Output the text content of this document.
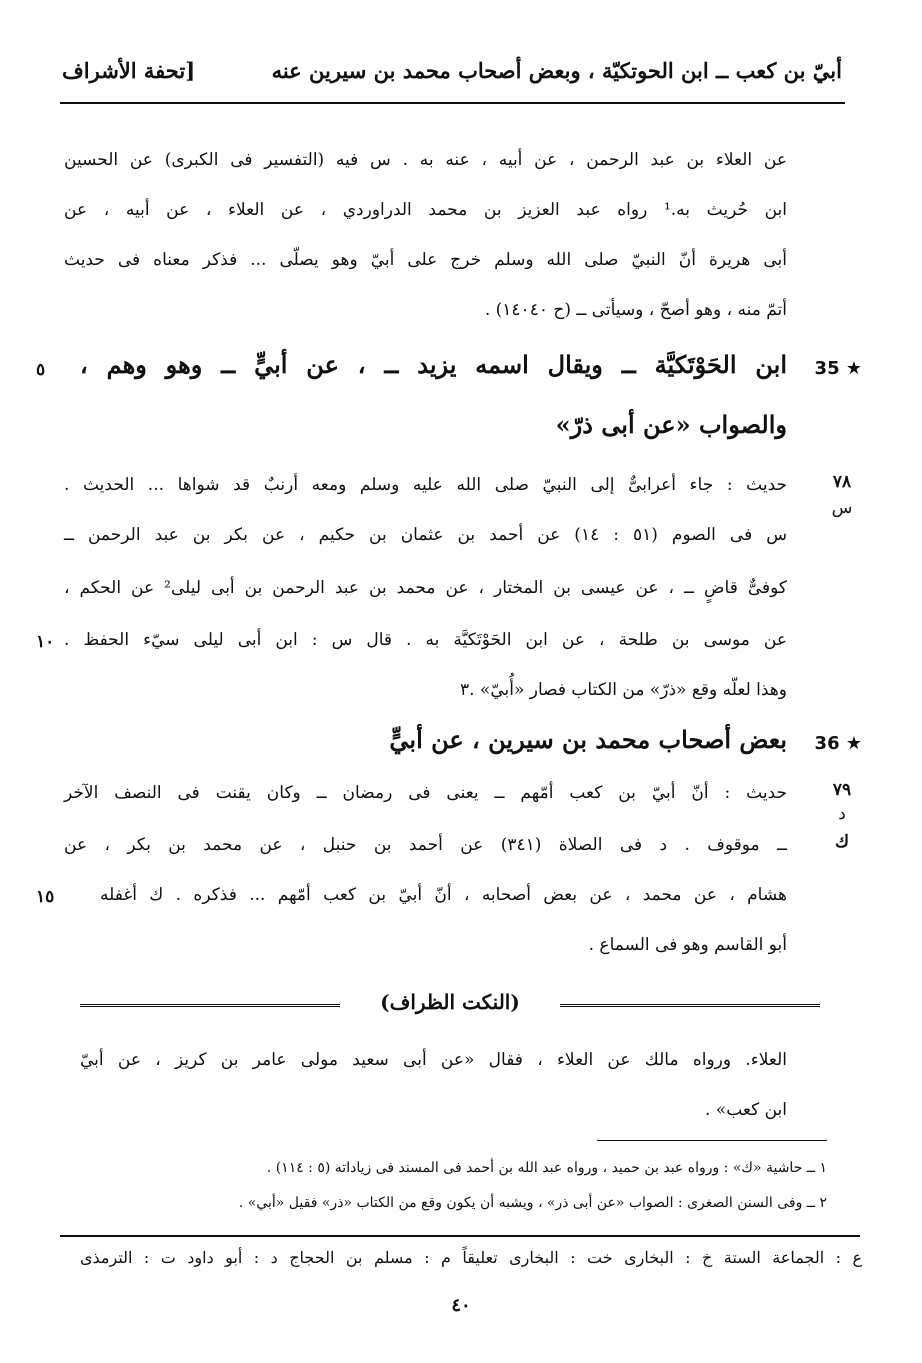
أبيّ بن كعب ــ ابن الحوتكيّة ، وبعض أصحاب محمد بن سيرين عنه
[تحفة الأشراف
عن العلاء بن عبد الرحمن ، عن أبيه ، عنه به . س فيه (التفسير فى الكبرى) عن الحسين
ابن حُريث به.¹ رواه عبد العزيز بن محمد الدراوردي ، عن العلاء ، عن أبيه ، عن
أبى هريرة أنّ النبيّ صلى الله وسلم خرج على أبيّ وهو يصلّى ... فذكر معناه فى حديث
أتمّ منه ، وهو أصحّ ، وسيأتى ــ (ح ١٤٠٤٠) .
35 ★
ابن الحَوْتَكيَّة ــ ويقال اسمه يزيد ــ ، عن أبيٍّ ــ وهو وهم ،
٥
والصواب «عن أبى ذرّ»
٧٨
س
حديث : جاء أعرابىٌّ إلى النبيّ صلى الله عليه وسلم ومعه أرنبٌ قد شواها ... الحديث .
س فى الصوم (٥١ : ١٤) عن أحمد بن عثمان بن حكيم ، عن بكر بن عبد الرحمن ــ
كوفىٌّ قاضٍ ــ ، عن عيسى بن المختار ، عن محمد بن عبد الرحمن بن أبى ليلى² عن الحكم ،
عن موسى بن طلحة ، عن ابن الحَوْتَكيَّة به . قال س : ابن أبى ليلى سيّء الحفظ .
١٠
وهذا لعلّه وقع «ذرّ» من الكتاب فصار «أُبيّ» .٣
36 ★
بعض أصحاب محمد بن سيرين ، عن أبيٍّ
٧٩
د
ك
حديث : أنّ أبيّ بن كعب أمّهم ــ يعنى فى رمضان ــ وكان يقنت فى النصف الآخر
ــ موقوف . د فى الصلاة (٣٤١) عن أحمد بن حنبل ، عن محمد بن بكر ، عن
هشام ، عن محمد ، عن بعض أصحابه ، أنّ أبيّ بن كعب أمّهم ... فذكره . ك أغفله
١٥
أبو القاسم وهو فى السماع .
(النكت الظراف)
العلاء. ورواه مالك عن العلاء ، فقال «عن أبى سعيد مولى عامر بن كريز ، عن أبيّ
ابن كعب» .
١ ــ حاشية «ك» : ورواه عبد بن حميد ، ورواه عبد الله بن أحمد فى المسند فى زياداته (٥ : ١١٤) .
٢ ــ وفى السنن الصغرى : الصواب «عن أبى ذر» ، ويشبه أن يكون وقع من الكتاب «ذر» فقيل «أبي» .
ع : الجماعة الستة خ : البخارى خت : البخارى تعليقاً م : مسلم بن الحجاج د : أبو داود ت : الترمذى
٤٠
